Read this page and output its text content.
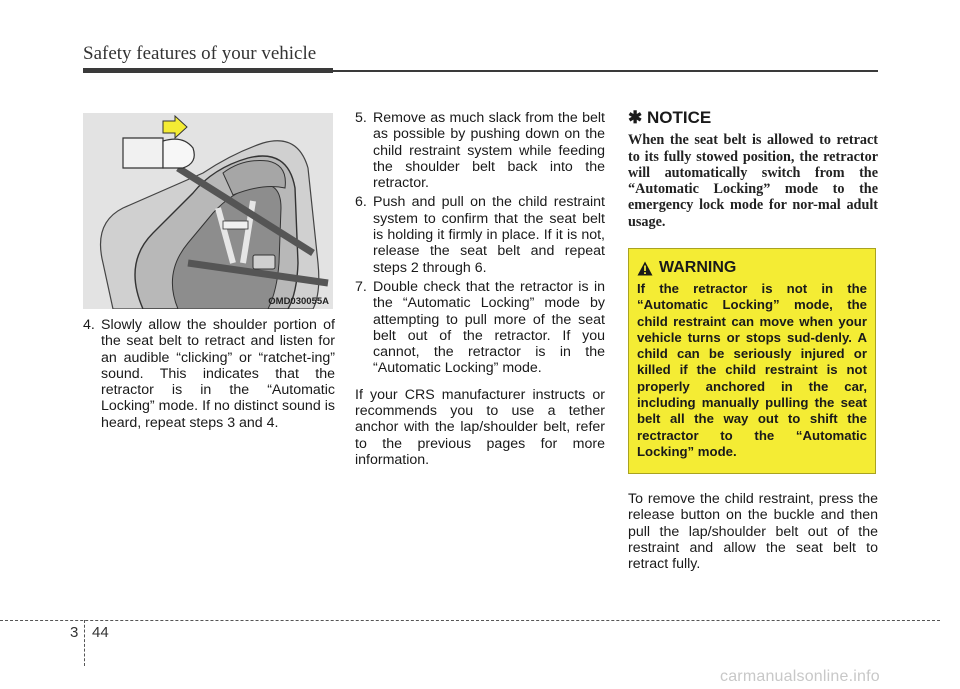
Safety features of your vehicle
OMD030055A
4. Slowly allow the shoulder portion of the seat belt to retract and listen for an audible “clicking” or “ratchet-ing” sound. This indicates that the retractor is in the “Automatic Locking” mode. If no distinct sound is heard, repeat steps 3 and 4.
5. Remove as much slack from the belt as possible by pushing down on the child restraint system while feeding the shoulder belt back into the retractor.
6. Push and pull on the child restraint system to confirm that the seat belt is holding it firmly in place. If it is not, release the seat belt and repeat steps 2 through 6.
7. Double check that the retractor is in the “Automatic Locking” mode by attempting to pull more of the seat belt out of the retractor. If you cannot, the retractor is in the “Automatic Locking” mode.

If your CRS manufacturer instructs or recommends you to use a tether anchor with the lap/shoulder belt, refer to the previous pages for more information.

✱ NOTICE
When the seat belt is allowed to retract to its fully stowed position, the retractor will automatically switch from the “Automatic Locking” mode to the emergency lock mode for nor-mal adult usage.
WARNING
If the retractor is not in the “Automatic Locking” mode, the child restraint can move when your vehicle turns or stops sud-denly. A child can be seriously injured or killed if the child restraint is not properly anchored in the car, including manually pulling the seat belt all the way out to shift the rectractor to the “Automatic Locking” mode.
To remove the child restraint, press the release button on the buckle and then pull the lap/shoulder belt out of the restraint and allow the seat belt to retract fully.
3 44
carmanualsonline.info
